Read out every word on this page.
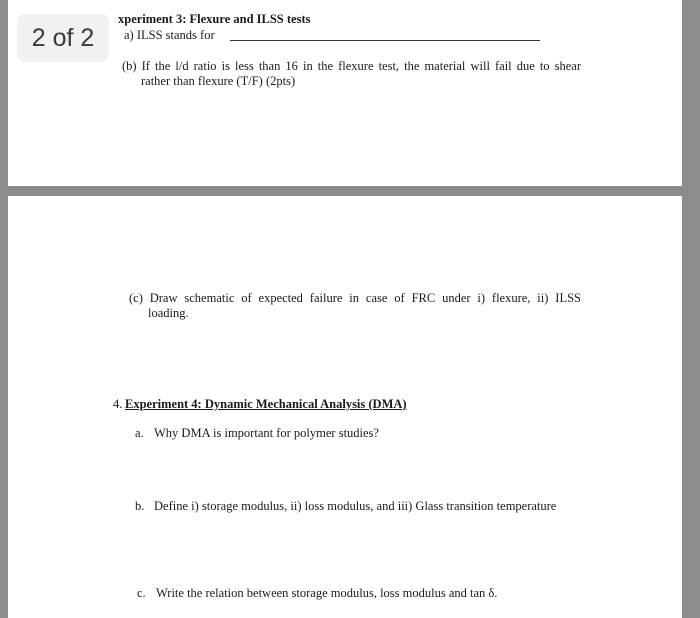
2 of 2
xperiment 3: Flexure and ILSS tests
a) ILSS stands for
(b) If the l/d ratio is less than 16 in the flexure test, the material will fail due to shear
rather than flexure (T/F) (2pts)
(c) Draw schematic of expected failure in case of FRC under i) flexure, ii) ILSS
loading.
4. Experiment 4: Dynamic Mechanical Analysis (DMA)
a. Why DMA is important for polymer studies?
b. Define i) storage modulus, ii) loss modulus, and iii) Glass transition temperature
c. Write the relation between storage modulus, loss modulus and tan δ.
